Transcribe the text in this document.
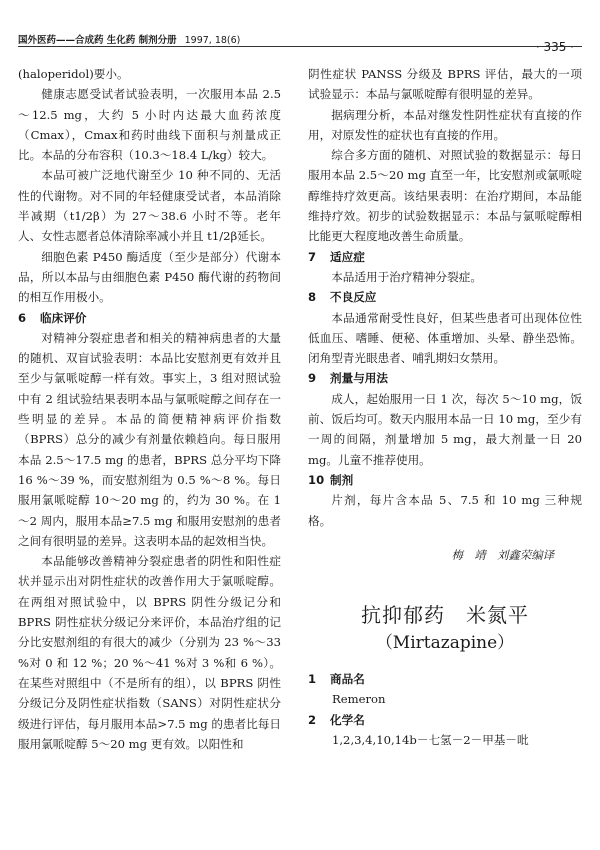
国外医药——合成药 生化药 制剂分册 1997, 18(6)	· 335 ·

(haloperidol)要小。

健康志愿受试者试验表明，一次服用本品 2.5～12.5 mg，大约 5 小时内达最大血药浓度（Cmax），Cmax和药时曲线下面积与剂量成正比。本品的分布容积（10.3～18.4 L/kg）较大。

本品可被广泛地代谢至少 10 种不同的、无活性的代谢物。对不同的年轻健康受试者，本品消除半减期（t1/2β）为 27～38.6 小时不等。老年人、女性志愿者总体清除率减小并且 t1/2β延长。

细胞色素 P450 酶适度（至少是部分）代谢本品，所以本品与由细胞色素 P450 酶代谢的药物间的相互作用极小。

6 临床评价

对精神分裂症患者和相关的精神病患者的大量的随机、双盲试验表明：本品比安慰剂更有效并且至少与氯哌啶醇一样有效。事实上，3 组对照试验中有 2 组试验结果表明本品与氯哌啶醇之间存在一些明显的差异。本品的简便精神病评价指数（BPRS）总分的减少有剂量依赖趋向。每日服用本品 2.5～17.5 mg 的患者，BPRS 总分平均下降 16 %～39 %，而安慰剂组为 0.5 %～8 %。每日服用氯哌啶醇 10～20 mg 的，约为 30 %。在 1～2 周内，服用本品≥7.5 mg 和服用安慰剂的患者之间有很明显的差异。这表明本品的起效相当快。

本品能够改善精神分裂症患者的阴性和阳性症状并显示出对阴性症状的改善作用大于氯哌啶醇。在两组对照试验中，以 BPRS 阴性分级记分和 BPRS 阴性症状分级记分来评价，本品治疗组的记分比安慰剂组的有很大的减少（分别为 23 %～33 %对 0 和 12 %；20 %～41 %对 3 %和 6 %）。在某些对照组中（不是所有的组），以 BPRS 阴性分级记分及阴性症状指数（SANS）对阴性症状分级进行评估，每月服用本品>7.5 mg 的患者比每日服用氯哌啶醇 5～20 mg 更有效。以阳性和

阴性症状 PANSS 分级及 BPRS 评估，最大的一项试验显示：本品与氯哌啶醇有很明显的差异。

据病理分析，本品对继发性阴性症状有直接的作用，对原发性的症状也有直接的作用。

综合多方面的随机、对照试验的数据显示：每日服用本品 2.5～20 mg 直至一年，比安慰剂或氯哌啶醇维持疗效更高。该结果表明：在治疗期间，本品能维持疗效。初步的试验数据显示：本品与氯哌啶醇相比能更大程度地改善生命质量。

7 适应症

本品适用于治疗精神分裂症。

8 不良反应

本品通常耐受性良好，但某些患者可出现体位性低血压、嗜睡、便秘、体重增加、头晕、静坐恐怖。闭角型青光眼患者、哺乳期妇女禁用。

9 剂量与用法

成人，起始服用一日 1 次，每次 5～10 mg，饭前、饭后均可。数天内服用本品一日 10 mg，至少有一周的间隔，剂量增加 5 mg，最大剂量一日 20 mg。儿童不推荐使用。

10 制剂

片剂，每片含本品 5、7.5 和 10 mg 三种规格。

梅　靖　刘鑫荣编译
抗抑郁药　米氮平
（Mirtazapine）
1 商品名

Remeron

2 化学名

1,2,3,4,10,14b－七氢－2－甲基－吡
